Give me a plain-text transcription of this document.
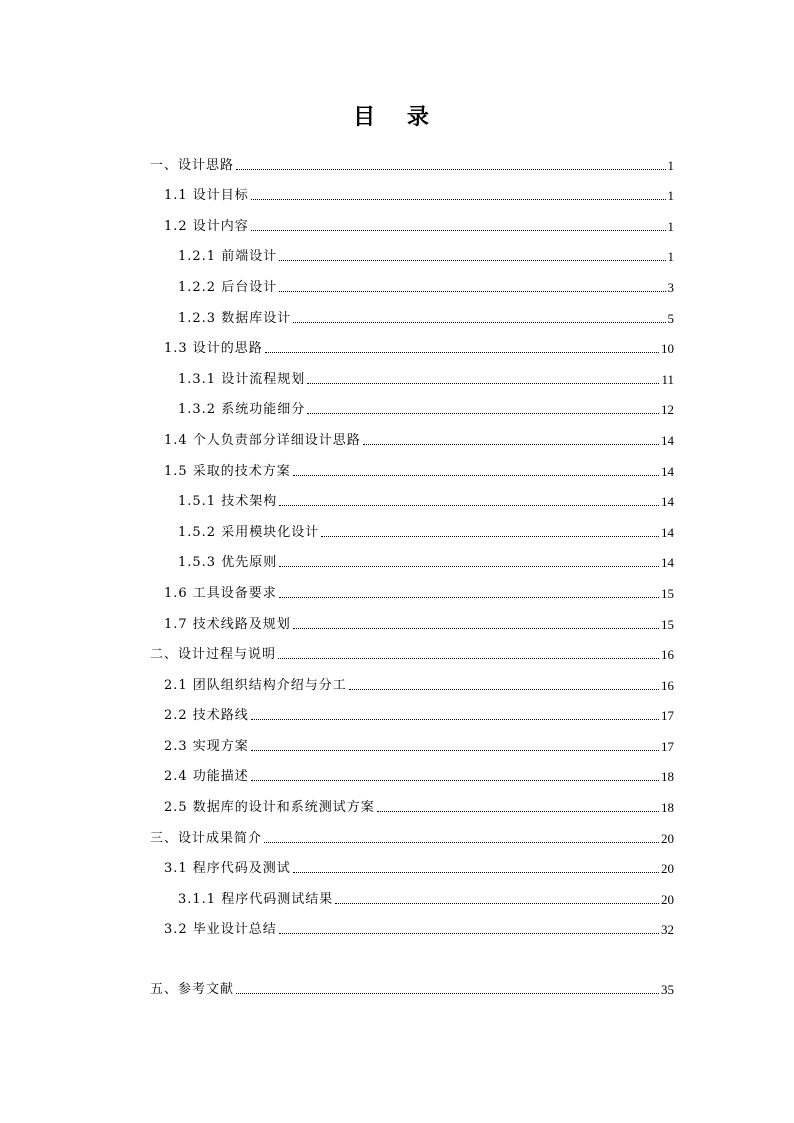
目 录
一、设计思路	1
1.1 设计目标	1
1.2 设计内容	1
1.2.1 前端设计	1
1.2.2 后台设计	3
1.2.3 数据库设计	5
1.3 设计的思路	10
1.3.1 设计流程规划	11
1.3.2 系统功能细分	12
1.4 个人负责部分详细设计思路	14
1.5 采取的技术方案	14
1.5.1 技术架构	14
1.5.2 采用模块化设计	14
1.5.3 优先原则	14
1.6 工具设备要求	15
1.7 技术线路及规划	15
二、设计过程与说明	16
2.1 团队组织结构介绍与分工	16
2.2 技术路线	17
2.3 实现方案	17
2.4 功能描述	18
2.5 数据库的设计和系统测试方案	18
三、设计成果简介	20
3.1 程序代码及测试	20
3.1.1 程序代码测试结果	20
3.2 毕业设计总结	32
五、参考文献	35
